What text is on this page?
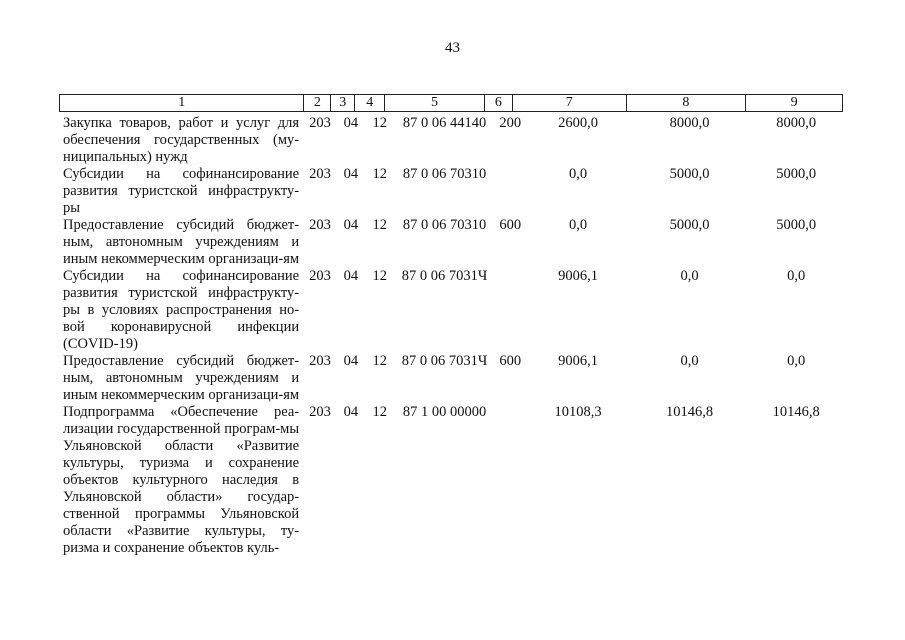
43
1	2	3	4	5	6	7	8	9
Закупка товаров, работ и услуг для обеспечения государственных (му-ниципальных) нужд
203 04 12	87 0 06 44140 200	2600,0	8000,0	8000,0
Субсидии на софинансирование развития туристской инфраструкту-ры
203 04 12	87 0 06 70310	0,0	5000,0	5000,0
Предоставление субсидий бюджет-ным, автономным учреждениям и иным некоммерческим организаци-ям
203 04 12	87 0 06 70310 600	0,0	5000,0	5000,0
Субсидии на софинансирование развития туристской инфраструкту-ры в условиях распространения но-вой коронавирусной инфекции (COVID-19)
203 04 12	87 0 06 7031Ч	9006,1	0,0	0,0
Предоставление субсидий бюджет-ным, автономным учреждениям и иным некоммерческим организаци-ям
203 04 12	87 0 06 7031Ч 600	9006,1	0,0	0,0
Подпрограмма «Обеспечение реа-лизации государственной програм-мы Ульяновской области «Развитие культуры, туризма и сохранение объектов культурного наследия в Ульяновской области» государ-ственной программы Ульяновской области «Развитие культуры, ту-ризма и сохранение объектов куль-
203 04 12	87 1 00 00000	10108,3	10146,8	10146,8
